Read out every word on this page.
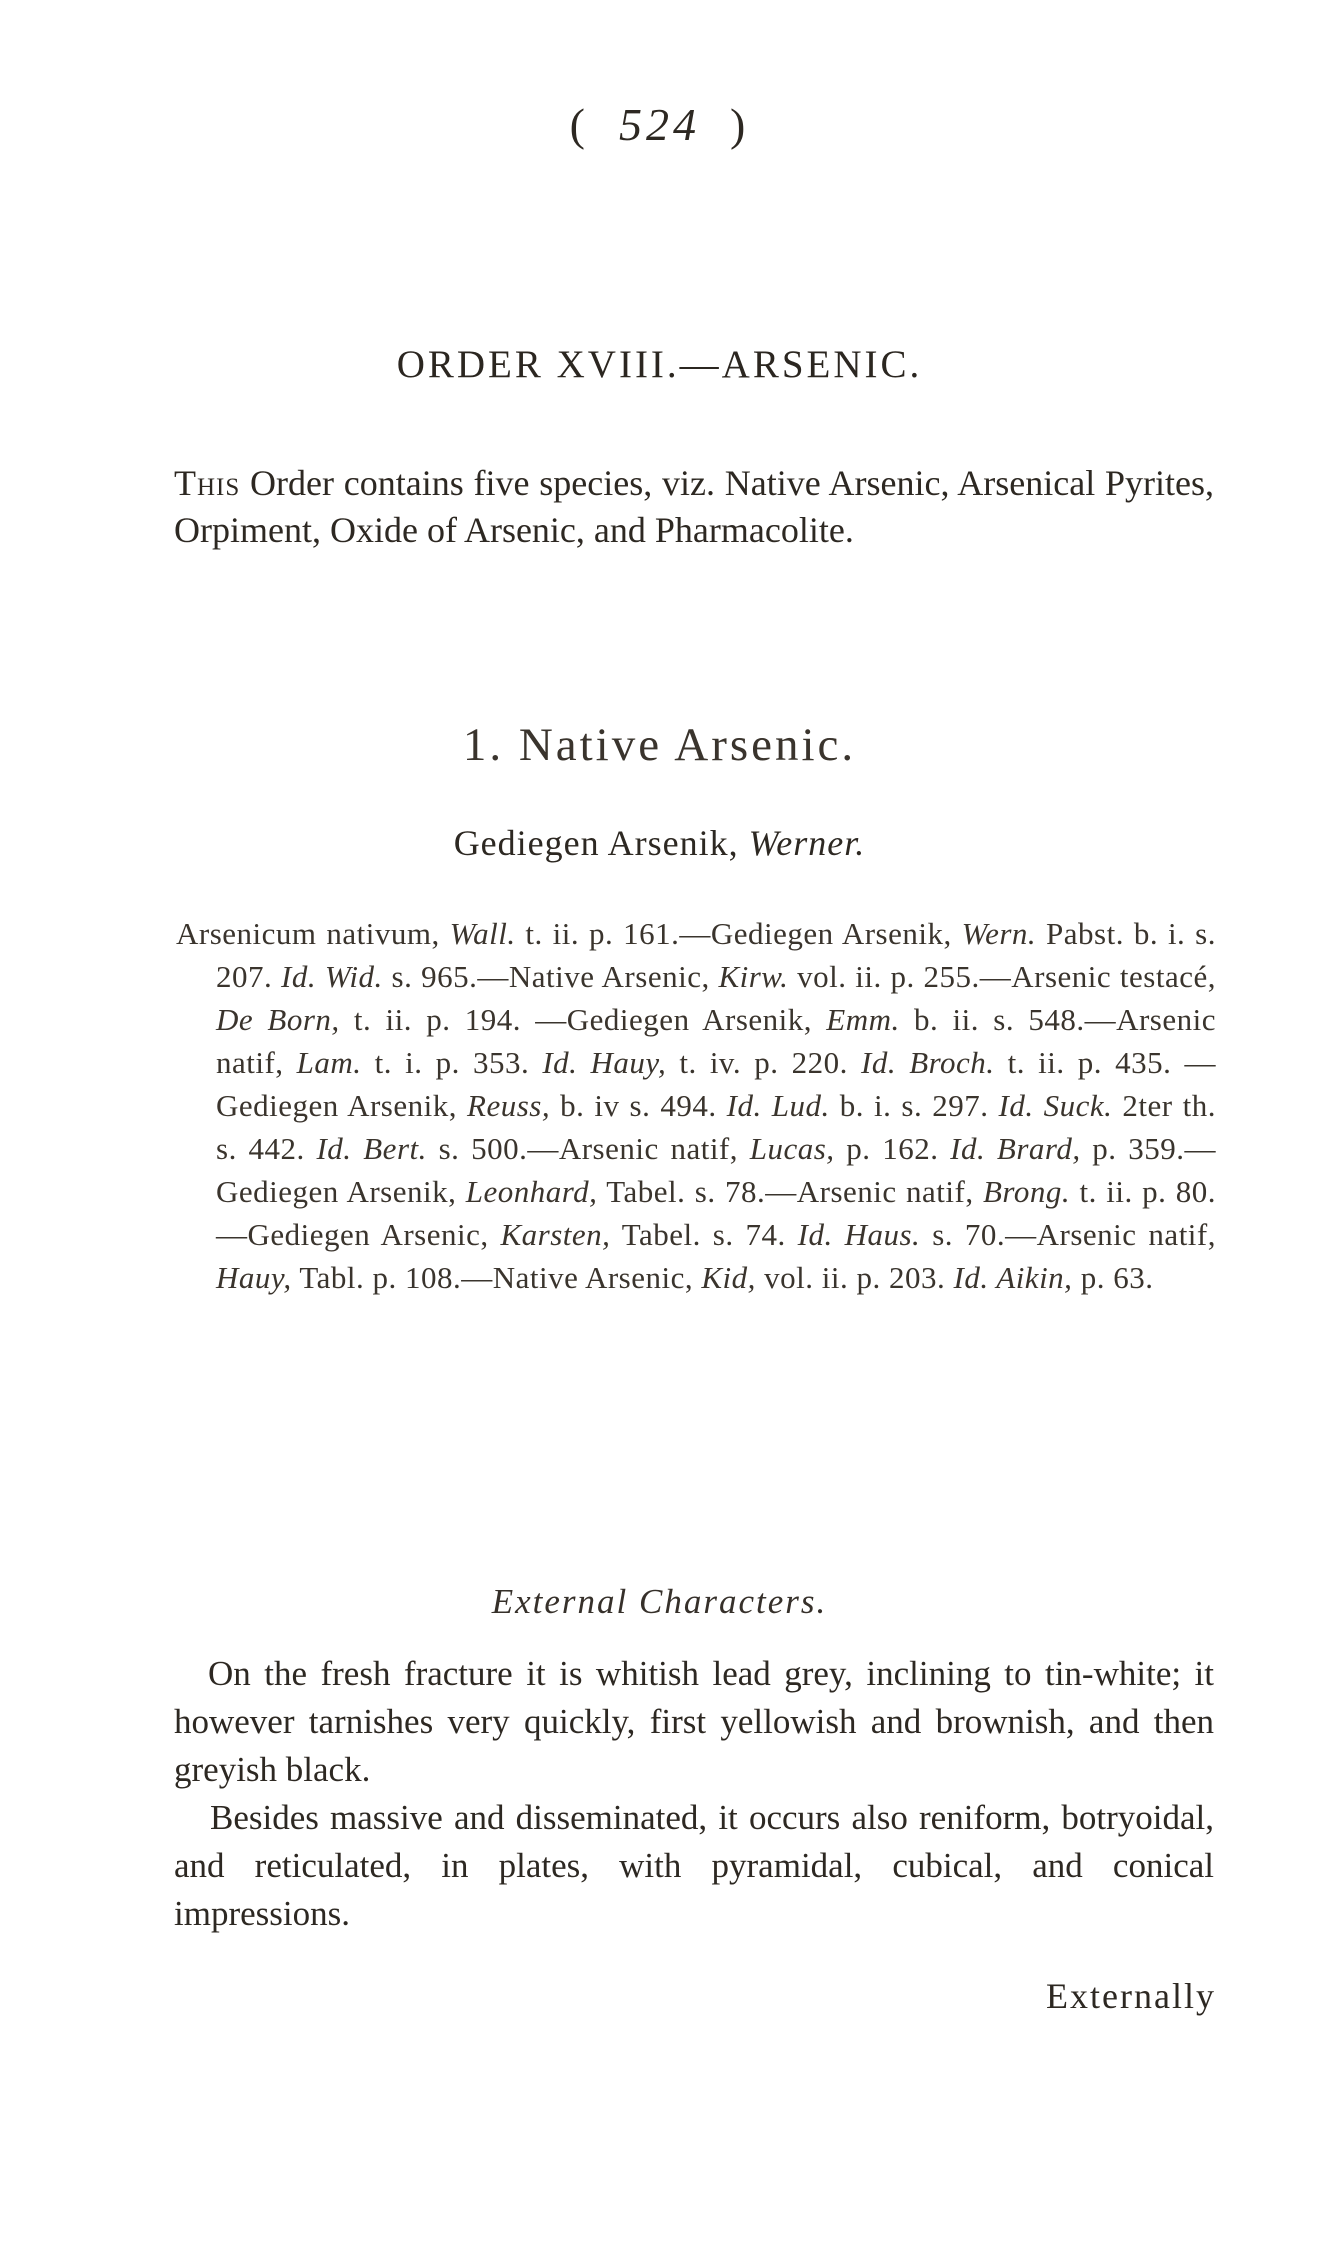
( 524 )
ORDER XVIII.—ARSENIC.
This Order contains five species, viz. Native Arsenic, Arsenical Pyrites, Orpiment, Oxide of Arsenic, and Pharmacolite.
1. Native Arsenic.
Gediegen Arsenik, Werner.
Arsenicum nativum, Wall. t. ii. p. 161.—Gediegen Arsenik, Wern. Pabst. b. i. s. 207. Id. Wid. s. 965.—Native Arsenic, Kirw. vol. ii. p. 255.—Arsenic testacé, De Born, t. ii. p. 194. —Gediegen Arsenik, Emm. b. ii. s. 548.—Arsenic natif, Lam. t. i. p. 353. Id. Hauy, t. iv. p. 220. Id. Broch. t. ii. p. 435. —Gediegen Arsenik, Reuss, b. iv s. 494. Id. Lud. b. i. s. 297. Id. Suck. 2ter th. s. 442. Id. Bert. s. 500.—Arsenic natif, Lucas, p. 162. Id. Brard, p. 359.—Gediegen Arsenik, Leonhard, Tabel. s. 78.—Arsenic natif, Brong. t. ii. p. 80.—Gediegen Arsenic, Karsten, Tabel. s. 74. Id. Haus. s. 70.—Arsenic natif, Hauy, Tabl. p. 108.—Native Arsenic, Kid, vol. ii. p. 203. Id. Aikin, p. 63.
External Characters.

On the fresh fracture it is whitish lead grey, inclining to tin-white; it however tarnishes very quickly, first yellowish and brownish, and then greyish black.

Besides massive and disseminated, it occurs also reniform, botryoidal, and reticulated, in plates, with pyramidal, cubical, and conical impressions.

Externally
